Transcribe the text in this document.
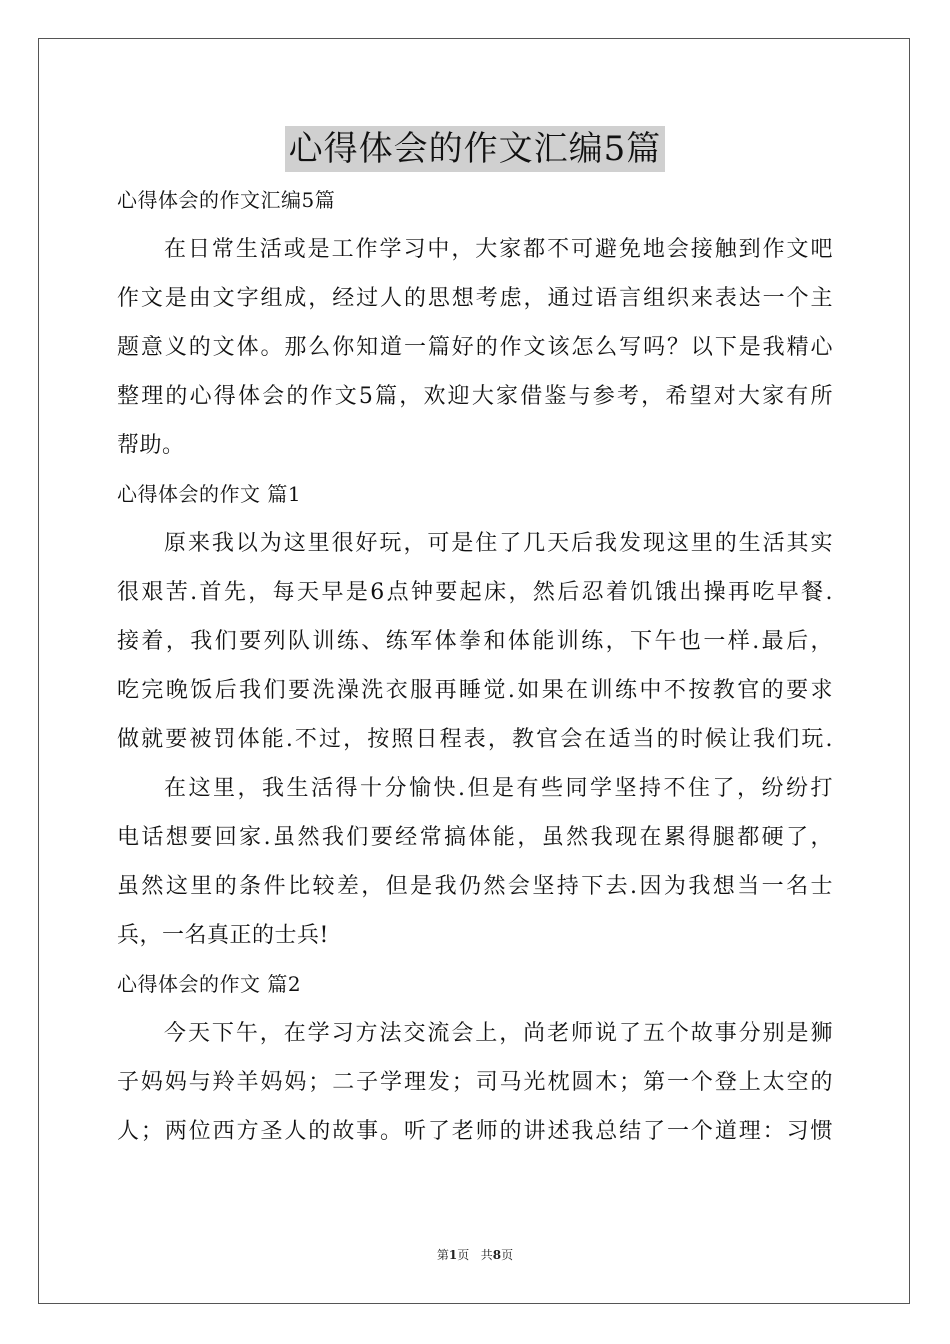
心得体会的作文汇编5篇
心得体会的作文汇编5篇
在日常生活或是工作学习中，大家都不可避免地会接触到作文吧
作文是由文字组成，经过人的思想考虑，通过语言组织来表达一个主
题意义的文体。那么你知道一篇好的作文该怎么写吗？以下是我精心
整理的心得体会的作文5篇，欢迎大家借鉴与参考，希望对大家有所
帮助。
心得体会的作文 篇1
原来我以为这里很好玩，可是住了几天后我发现这里的生活其实
很艰苦.首先，每天早是6点钟要起床，然后忍着饥饿出操再吃早餐.
接着，我们要列队训练、练军体拳和体能训练，下午也一样.最后，
吃完晚饭后我们要洗澡洗衣服再睡觉.如果在训练中不按教官的要求
做就要被罚体能.不过，按照日程表，教官会在适当的时候让我们玩.
在这里，我生活得十分愉快.但是有些同学坚持不住了，纷纷打
电话想要回家.虽然我们要经常搞体能，虽然我现在累得腿都硬了，
虽然这里的条件比较差，但是我仍然会坚持下去.因为我想当一名士
兵，一名真正的士兵!
心得体会的作文 篇2
今天下午，在学习方法交流会上，尚老师说了五个故事分别是狮
子妈妈与羚羊妈妈；二子学理发；司马光枕圆木；第一个登上太空的
人；两位西方圣人的故事。听了老师的讲述我总结了一个道理：习惯
第1页 共8页
